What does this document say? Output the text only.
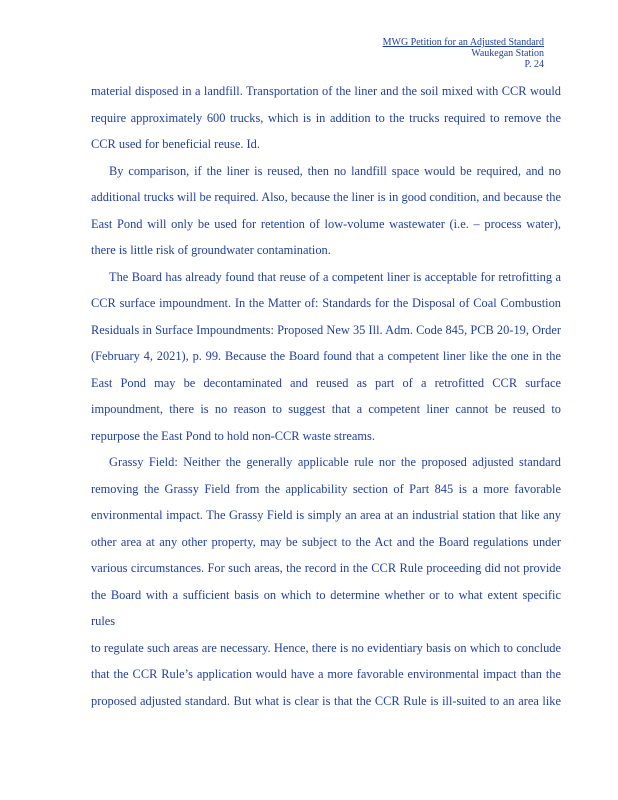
MWG Petition for an Adjusted Standard
Waukegan Station
P. 24
material disposed in a landfill. Transportation of the liner and the soil mixed with CCR would
require approximately 600 trucks, which is in addition to the trucks required to remove the
CCR used for beneficial reuse. Id.
By comparison, if the liner is reused, then no landfill space would be required, and no
additional trucks will be required. Also, because the liner is in good condition, and because the
East Pond will only be used for retention of low-volume wastewater (i.e. – process water),
there is little risk of groundwater contamination.
The Board has already found that reuse of a competent liner is acceptable for retrofitting a
CCR surface impoundment. In the Matter of: Standards for the Disposal of Coal Combustion
Residuals in Surface Impoundments: Proposed New 35 Ill. Adm. Code 845, PCB 20-19, Order
(February 4, 2021), p. 99. Because the Board found that a competent liner like the one in the
East Pond may be decontaminated and reused as part of a retrofitted CCR surface
impoundment, there is no reason to suggest that a competent liner cannot be reused to
repurpose the East Pond to hold non-CCR waste streams.
Grassy Field: Neither the generally applicable rule nor the proposed adjusted standard
removing the Grassy Field from the applicability section of Part 845 is a more favorable
environmental impact. The Grassy Field is simply an area at an industrial station that like any
other area at any other property, may be subject to the Act and the Board regulations under
various circumstances. For such areas, the record in the CCR Rule proceeding did not provide
the Board with a sufficient basis on which to determine whether or to what extent specific rules
to regulate such areas are necessary. Hence, there is no evidentiary basis on which to conclude
that the CCR Rule’s application would have a more favorable environmental impact than the
proposed adjusted standard. But what is clear is that the CCR Rule is ill-suited to an area like
